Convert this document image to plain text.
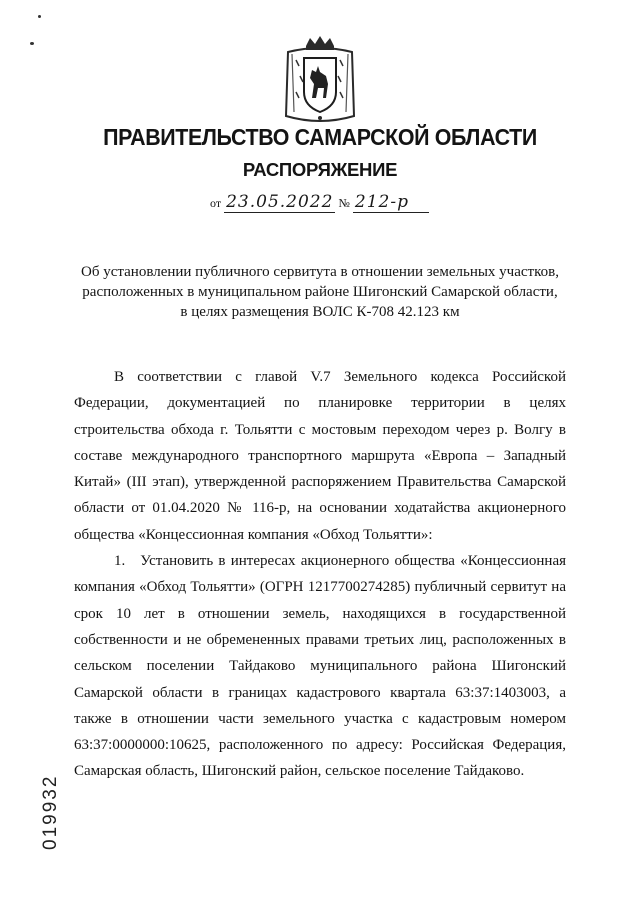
ПРАВИТЕЛЬСТВО САМАРСКОЙ ОБЛАСТИ
РАСПОРЯЖЕНИЕ
от 23.05.2022 № 212-р
Об установлении публичного сервитута в отношении земельных участков,
расположенных в муниципальном районе Шигонский Самарской области,
в целях размещения ВОЛС К-708 42.123 км

В соответствии с главой V.7 Земельного кодекса Российской Федерации, документацией по планировке территории в целях строительства обхода г. Тольятти с мостовым переходом через р. Волгу в составе международного транспортного маршрута «Европа – Западный Китай» (III этап), утвержденной распоряжением Правительства Самарской области от 01.04.2020 № 116-р, на основании ходатайства акционерного общества «Концессионная компания «Обход Тольятти»:

1. Установить в интересах акционерного общества «Концессионная компания «Обход Тольятти» (ОГРН 1217700274285) публичный сервитут на срок 10 лет в отношении земель, находящихся в государственной собственности и не обремененных правами третьих лиц, расположенных в сельском поселении Тайдаково муниципального района Шигонский Самарской области в границах кадастрового квартала 63:37:1403003, а также в отношении части земельного участка с кадастровым номером 63:37:0000000:10625, расположенного по адресу: Российская Федерация, Самарская область, Шигонский район, сельское поселение Тайдаково.

019932
